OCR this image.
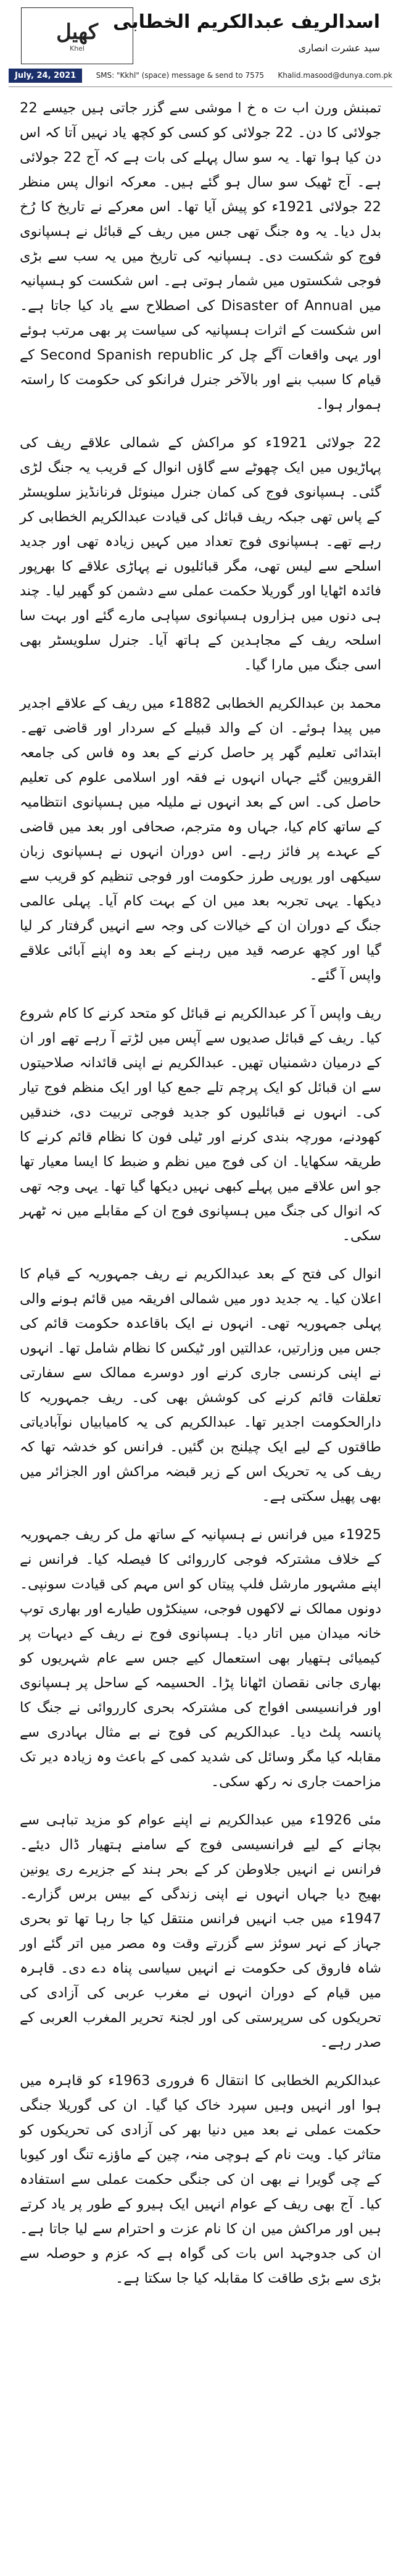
ﮐﮭﯿﻞ
Khel
اسدالریف عبدالکریم الخطابی
سید عشرت انصاری
July, 24, 2021	SMS: "Kkhl" (space) message & send to 7575 Khalid.masood@dunya.com.pk

تمبنش ورن اب ت ه خ ا موشی سے گزر جاتی ہیں جیسے 22 جولائی کا دن۔ 22 جولائی کو کسی کو کچھ یاد نہیں آتا کہ اس دن کیا ہوا تھا۔ یہ سو سال پہلے کی بات ہے کہ آج 22 جولائی ہے۔ آج ٹھیک سو سال ہو گئے ہیں۔ معرکہ انوال پس منظر 22 جولائی 1921ء کو پیش آیا تھا۔ اس معرکے نے تاریخ کا رُخ بدل دیا۔ یہ وہ جنگ تھی جس میں ریف کے قبائل نے ہسپانوی فوج کو شکست دی۔ ہسپانیہ کی تاریخ میں یہ سب سے بڑی فوجی شکستوں میں شمار ہوتی ہے۔ اس شکست کو ہسپانیہ میں Disaster of Annual کی اصطلاح سے یاد کیا جاتا ہے۔ اس شکست کے اثرات ہسپانیہ کی سیاست پر بھی مرتب ہوئے اور یہی واقعات آگے چل کر Second Spanish republic کے قیام کا سبب بنے اور بالآخر جنرل فرانکو کی حکومت کا راستہ ہموار ہوا۔

22 جولائی 1921ء کو مراکش کے شمالی علاقے ریف کی پہاڑیوں میں ایک چھوٹے سے گاؤں انوال کے قریب یہ جنگ لڑی گئی۔ ہسپانوی فوج کی کمان جنرل مینوئل فرنانڈیز سلویسٹر کے پاس تھی جبکہ ریف قبائل کی قیادت عبدالکریم الخطابی کر رہے تھے۔ ہسپانوی فوج تعداد میں کہیں زیادہ تھی اور جدید اسلحے سے لیس تھی، مگر قبائلیوں نے پہاڑی علاقے کا بھرپور فائدہ اٹھایا اور گوریلا حکمت عملی سے دشمن کو گھیر لیا۔ چند ہی دنوں میں ہزاروں ہسپانوی سپاہی مارے گئے اور بہت سا اسلحہ ریف کے مجاہدین کے ہاتھ آیا۔ جنرل سلویسٹر بھی اسی جنگ میں مارا گیا۔

محمد بن عبدالکریم الخطابی 1882ء میں ریف کے علاقے اجدیر میں پیدا ہوئے۔ ان کے والد قبیلے کے سردار اور قاضی تھے۔ ابتدائی تعلیم گھر پر حاصل کرنے کے بعد وہ فاس کی جامعہ القرویین گئے جہاں انہوں نے فقہ اور اسلامی علوم کی تعلیم حاصل کی۔ اس کے بعد انہوں نے ملیلہ میں ہسپانوی انتظامیہ کے ساتھ کام کیا، جہاں وہ مترجم، صحافی اور بعد میں قاضی کے عہدے پر فائز رہے۔ اس دوران انہوں نے ہسپانوی زبان سیکھی اور یورپی طرز حکومت اور فوجی تنظیم کو قریب سے دیکھا۔ یہی تجربہ بعد میں ان کے بہت کام آیا۔ پہلی عالمی جنگ کے دوران ان کے خیالات کی وجہ سے انہیں گرفتار کر لیا گیا اور کچھ عرصہ قید میں رہنے کے بعد وہ اپنے آبائی علاقے واپس آ گئے۔

ریف واپس آ کر عبدالکریم نے قبائل کو متحد کرنے کا کام شروع کیا۔ ریف کے قبائل صدیوں سے آپس میں لڑتے آ رہے تھے اور ان کے درمیان دشمنیاں تھیں۔ عبدالکریم نے اپنی قائدانہ صلاحیتوں سے ان قبائل کو ایک پرچم تلے جمع کیا اور ایک منظم فوج تیار کی۔ انہوں نے قبائلیوں کو جدید فوجی تربیت دی، خندقیں کھودنے، مورچہ بندی کرنے اور ٹیلی فون کا نظام قائم کرنے کا طریقہ سکھایا۔ ان کی فوج میں نظم و ضبط کا ایسا معیار تھا جو اس علاقے میں پہلے کبھی نہیں دیکھا گیا تھا۔ یہی وجہ تھی کہ انوال کی جنگ میں ہسپانوی فوج ان کے مقابلے میں نہ ٹھہر سکی۔

انوال کی فتح کے بعد عبدالکریم نے ریف جمہوریہ کے قیام کا اعلان کیا۔ یہ جدید دور میں شمالی افریقہ میں قائم ہونے والی پہلی جمہوریہ تھی۔ انہوں نے ایک باقاعدہ حکومت قائم کی جس میں وزارتیں، عدالتیں اور ٹیکس کا نظام شامل تھا۔ انہوں نے اپنی کرنسی جاری کرنے اور دوسرے ممالک سے سفارتی تعلقات قائم کرنے کی کوشش بھی کی۔ ریف جمہوریہ کا دارالحکومت اجدیر تھا۔ عبدالکریم کی یہ کامیابیاں نوآبادیاتی طاقتوں کے لیے ایک چیلنج بن گئیں۔ فرانس کو خدشہ تھا کہ ریف کی یہ تحریک اس کے زیر قبضہ مراکش اور الجزائر میں بھی پھیل سکتی ہے۔

1925ء میں فرانس نے ہسپانیہ کے ساتھ مل کر ریف جمہوریہ کے خلاف مشترکہ فوجی کارروائی کا فیصلہ کیا۔ فرانس نے اپنے مشہور مارشل فلپ پیتاں کو اس مہم کی قیادت سونپی۔ دونوں ممالک نے لاکھوں فوجی، سینکڑوں طیارے اور بھاری توپ خانہ میدان میں اتار دیا۔ ہسپانوی فوج نے ریف کے دیہات پر کیمیائی ہتھیار بھی استعمال کیے جس سے عام شہریوں کو بھاری جانی نقصان اٹھانا پڑا۔ الحسیمہ کے ساحل پر ہسپانوی اور فرانسیسی افواج کی مشترکہ بحری کارروائی نے جنگ کا پانسہ پلٹ دیا۔ عبدالکریم کی فوج نے بے مثال بہادری سے مقابلہ کیا مگر وسائل کی شدید کمی کے باعث وہ زیادہ دیر تک مزاحمت جاری نہ رکھ سکی۔

مئی 1926ء میں عبدالکریم نے اپنے عوام کو مزید تباہی سے بچانے کے لیے فرانسیسی فوج کے سامنے ہتھیار ڈال دیئے۔ فرانس نے انہیں جلاوطن کر کے بحر ہند کے جزیرے ری یونین بھیج دیا جہاں انہوں نے اپنی زندگی کے بیس برس گزارے۔ 1947ء میں جب انہیں فرانس منتقل کیا جا رہا تھا تو بحری جہاز کے نہر سوئز سے گزرتے وقت وہ مصر میں اتر گئے اور شاہ فاروق کی حکومت نے انہیں سیاسی پناہ دے دی۔ قاہرہ میں قیام کے دوران انہوں نے مغرب عربی کی آزادی کی تحریکوں کی سرپرستی کی اور لجنۃ تحریر المغرب العربی کے صدر رہے۔

عبدالکریم الخطابی کا انتقال 6 فروری 1963ء کو قاہرہ میں ہوا اور انہیں وہیں سپرد خاک کیا گیا۔ ان کی گوریلا جنگی حکمت عملی نے بعد میں دنیا بھر کی آزادی کی تحریکوں کو متاثر کیا۔ ویت نام کے ہوچی منہ، چین کے ماؤزے تنگ اور کیوبا کے چی گویرا نے بھی ان کی جنگی حکمت عملی سے استفادہ کیا۔ آج بھی ریف کے عوام انہیں ایک ہیرو کے طور پر یاد کرتے ہیں اور مراکش میں ان کا نام عزت و احترام سے لیا جاتا ہے۔ ان کی جدوجہد اس بات کی گواہ ہے کہ عزم و حوصلہ سے بڑی سے بڑی طاقت کا مقابلہ کیا جا سکتا ہے۔
